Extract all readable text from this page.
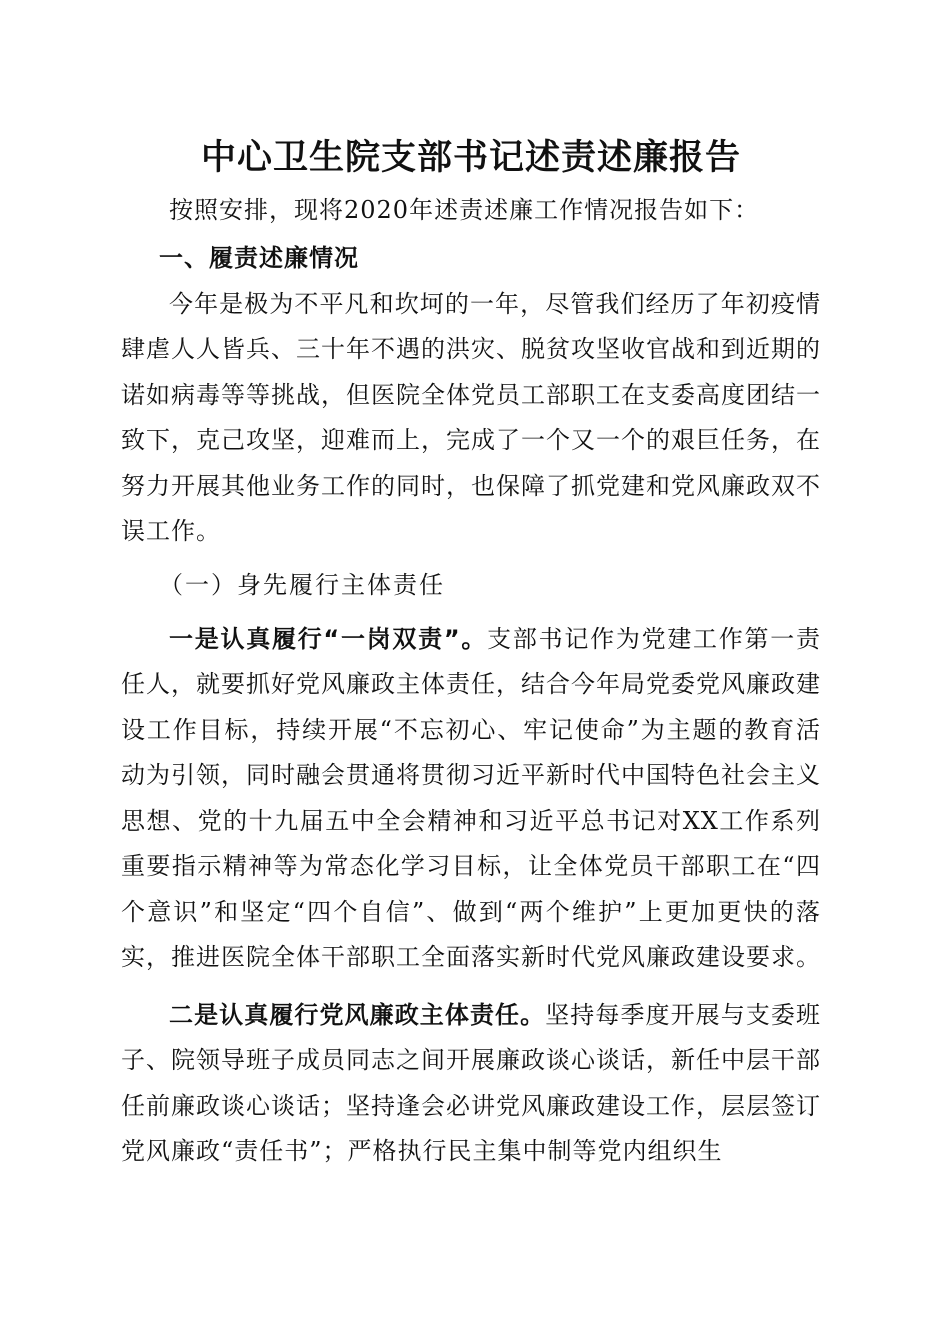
中心卫生院支部书记述责述廉报告

按照安排，现将2020年述责述廉工作情况报告如下：

一、履责述廉情况

今年是极为不平凡和坎坷的一年，尽管我们经历了年初疫情肆虐人人皆兵、三十年不遇的洪灾、脱贫攻坚收官战和到近期的诺如病毒等等挑战，但医院全体党员工部职工在支委高度团结一致下，克己攻坚，迎难而上，完成了一个又一个的艰巨任务，在努力开展其他业务工作的同时，也保障了抓党建和党风廉政双不误工作。

（一）身先履行主体责任

一是认真履行“一岗双责”。支部书记作为党建工作第一责任人，就要抓好党风廉政主体责任，结合今年局党委党风廉政建设工作目标，持续开展“不忘初心、牢记使命”为主题的教育活动为引领，同时融会贯通将贯彻习近平新时代中国特色社会主义思想、党的十九届五中全会精神和习近平总书记对XX工作系列重要指示精神等为常态化学习目标，让全体党员干部职工在“四个意识”和坚定“四个自信”、做到“两个维护”上更加更快的落实，推进医院全体干部职工全面落实新时代党风廉政建设要求。

二是认真履行党风廉政主体责任。坚持每季度开展与支委班子、院领导班子成员同志之间开展廉政谈心谈话，新任中层干部任前廉政谈心谈话；坚持逢会必讲党风廉政建设工作，层层签订党风廉政“责任书”；严格执行民主集中制等党内组织生
